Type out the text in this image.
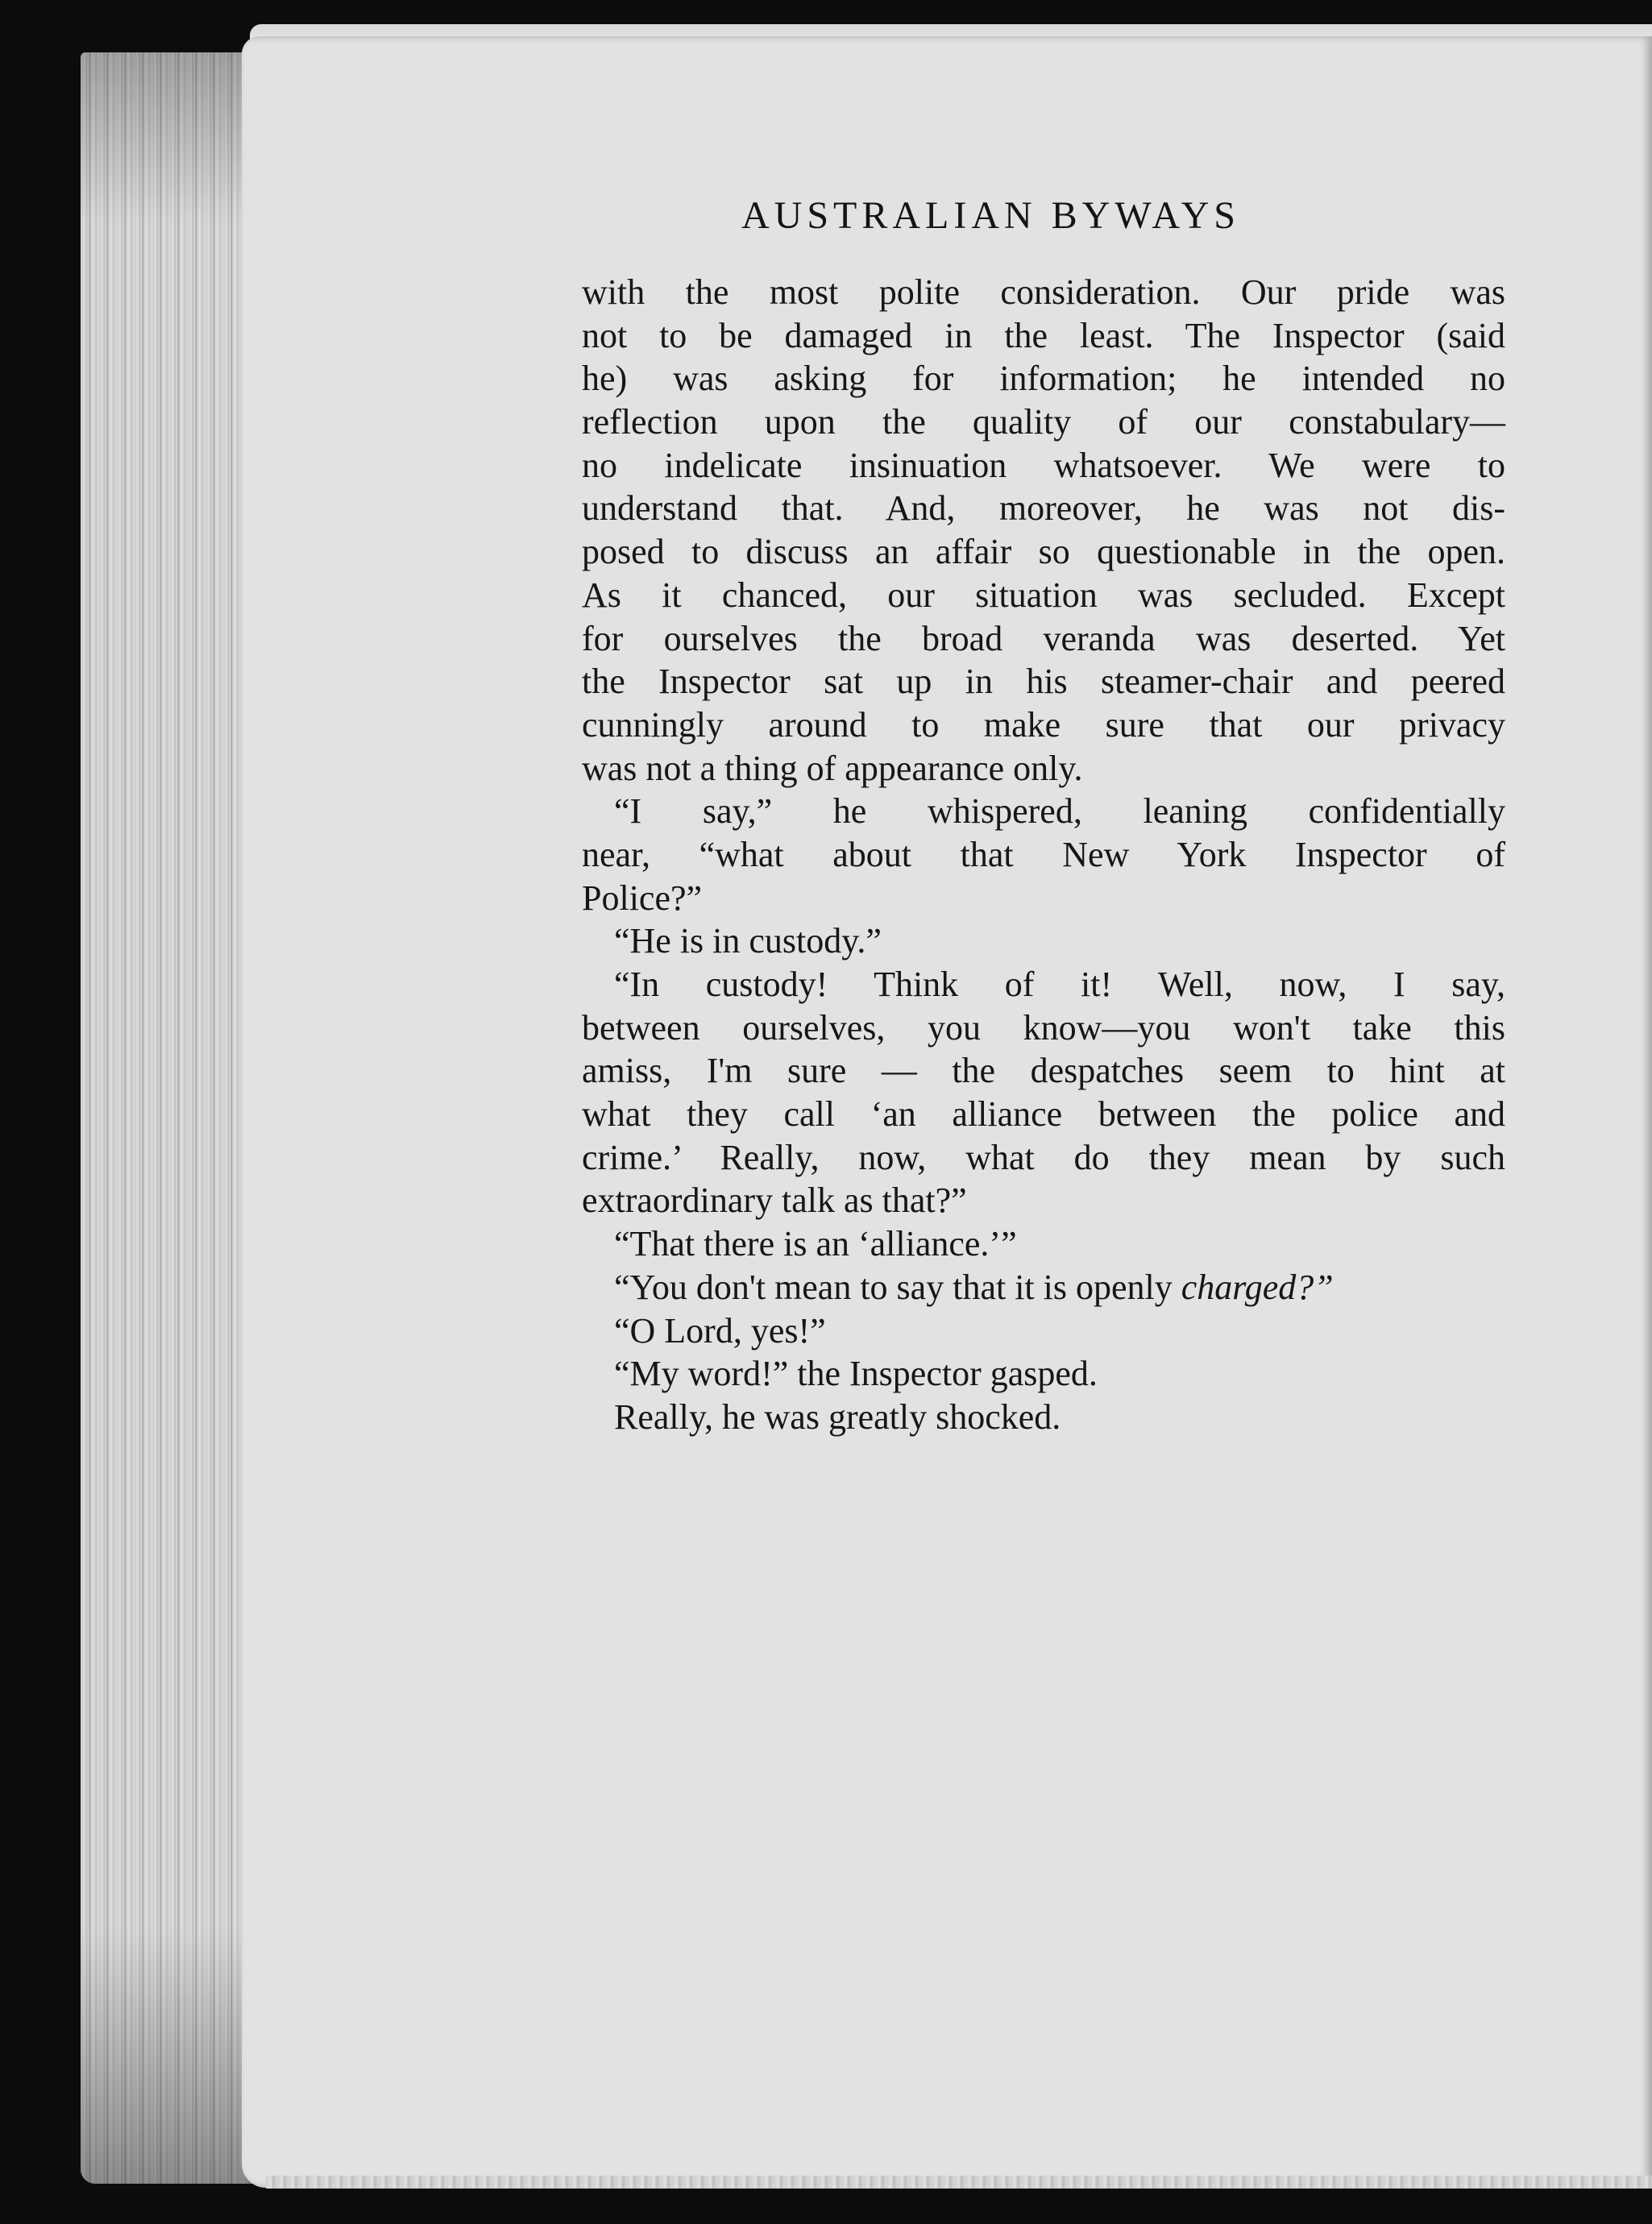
AUSTRALIAN BYWAYS
with the most polite consideration. Our pride was
not to be damaged in the least. The Inspector (said
he) was asking for information; he intended no
reflection upon the quality of our constabulary—
no indelicate insinuation whatsoever. We were to
understand that. And, moreover, he was not dis-
posed to discuss an affair so questionable in the open.
As it chanced, our situation was secluded. Except
for ourselves the broad veranda was deserted. Yet
the Inspector sat up in his steamer-chair and peered
cunningly around to make sure that our privacy
was not a thing of appearance only.
“I say,” he whispered, leaning confidentially
near, “what about that New York Inspector of
Police?”
“He is in custody.”
“In custody! Think of it! Well, now, I say,
between ourselves, you know—you won't take this
amiss, I'm sure — the despatches seem to hint at
what they call ‘an alliance between the police and
crime.’ Really, now, what do they mean by such
extraordinary talk as that?”
“That there is an ‘alliance.’”
“You don't mean to say that it is openly charged?”
“O Lord, yes!”
“My word!” the Inspector gasped.
Really, he was greatly shocked.
